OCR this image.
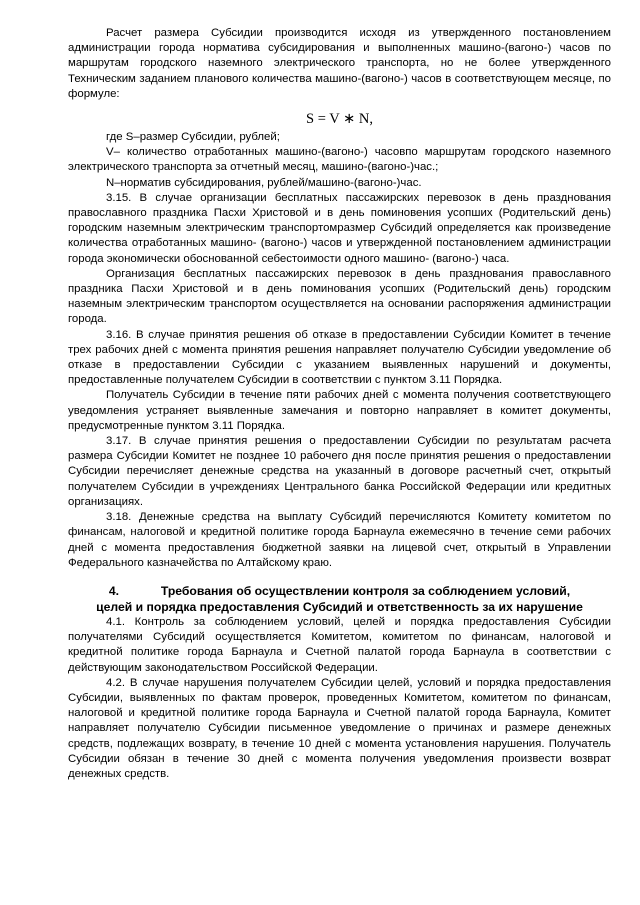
Расчет размера Субсидии производится исходя из утвержденного постановлением администрации города норматива субсидирования и выполненных машино-(вагоно-) часов по маршрутам городского наземного электрического транспорта, но не более утвержденного Техническим заданием планового количества машино-(вагоно-) часов в соответствующем месяце, по формуле:

S = V ∗ N,

где S–размер Субсидии, рублей;

V– количество отработанных машино-(вагоно-) часовпо маршрутам городского наземного электрического транспорта за отчетный месяц, машино-(вагоно-)час.;

N–норматив субсидирования, рублей/машино-(вагоно-)час.

3.15. В случае организации бесплатных пассажирских перевозок в день празднования православного праздника Пасхи Христовой и в день поминовения усопших (Родительский день) городским наземным электрическим транспортомразмер Субсидий определяется как произведение количества отработанных машино- (вагоно-) часов и утвержденной постановлением администрации города экономически обоснованной себестоимости одного машино- (вагоно-) часа.

Организация бесплатных пассажирских перевозок в день празднования православного праздника Пасхи Христовой и в день поминования усопших (Родительский день) городским наземным электрическим транспортом осуществляется на основании распоряжения администрации города.

3.16. В случае принятия решения об отказе в предоставлении Субсидии Комитет в течение трех рабочих дней с момента принятия решения направляет получателю Субсидии уведомление об отказе в предоставлении Субсидии с указанием выявленных нарушений и документы, предоставленные получателем Субсидии в соответствии с пунктом 3.11 Порядка.

Получатель Субсидии в течение пяти рабочих дней с момента получения соответствующего уведомления устраняет выявленные замечания и повторно направляет в комитет документы, предусмотренные пунктом 3.11 Порядка.

3.17. В случае принятия решения о предоставлении Субсидии по результатам расчета размера Субсидии Комитет не позднее 10 рабочего дня после принятия решения о предоставлении Субсидии перечисляет денежные средства на указанный в договоре расчетный счет, открытый получателем Субсидии в учреждениях Центрального банка Российской Федерации или кредитных организациях.

3.18. Денежные средства на выплату Субсидий перечисляются Комитету комитетом по финансам, налоговой и кредитной политике города Барнаула ежемесячно в течение семи рабочих дней с момента предоставления бюджетной заявки на лицевой счет, открытый в Управлении Федерального казначейства по Алтайскому краю.

4.	Требования об осуществлении контроля за соблюдением условий,
целей и порядка предоставления Субсидий и ответственность за их нарушение

4.1. Контроль за соблюдением условий, целей и порядка предоставления Субсидии получателями Субсидий осуществляется Комитетом, комитетом по финансам, налоговой и кредитной политике города Барнаула и Счетной палатой города Барнаула в соответствии с действующим законодательством Российской Федерации.

4.2. В случае нарушения получателем Субсидии целей, условий и порядка предоставления Субсидии, выявленных по фактам проверок, проведенных Комитетом, комитетом по финансам, налоговой и кредитной политике города Барнаула и Счетной палатой города Барнаула, Комитет направляет получателю Субсидии письменное уведомление о причинах и размере денежных средств, подлежащих возврату, в течение 10 дней с момента установления нарушения. Получатель Субсидии обязан в течение 30 дней с момента получения уведомления произвести возврат денежных средств.
